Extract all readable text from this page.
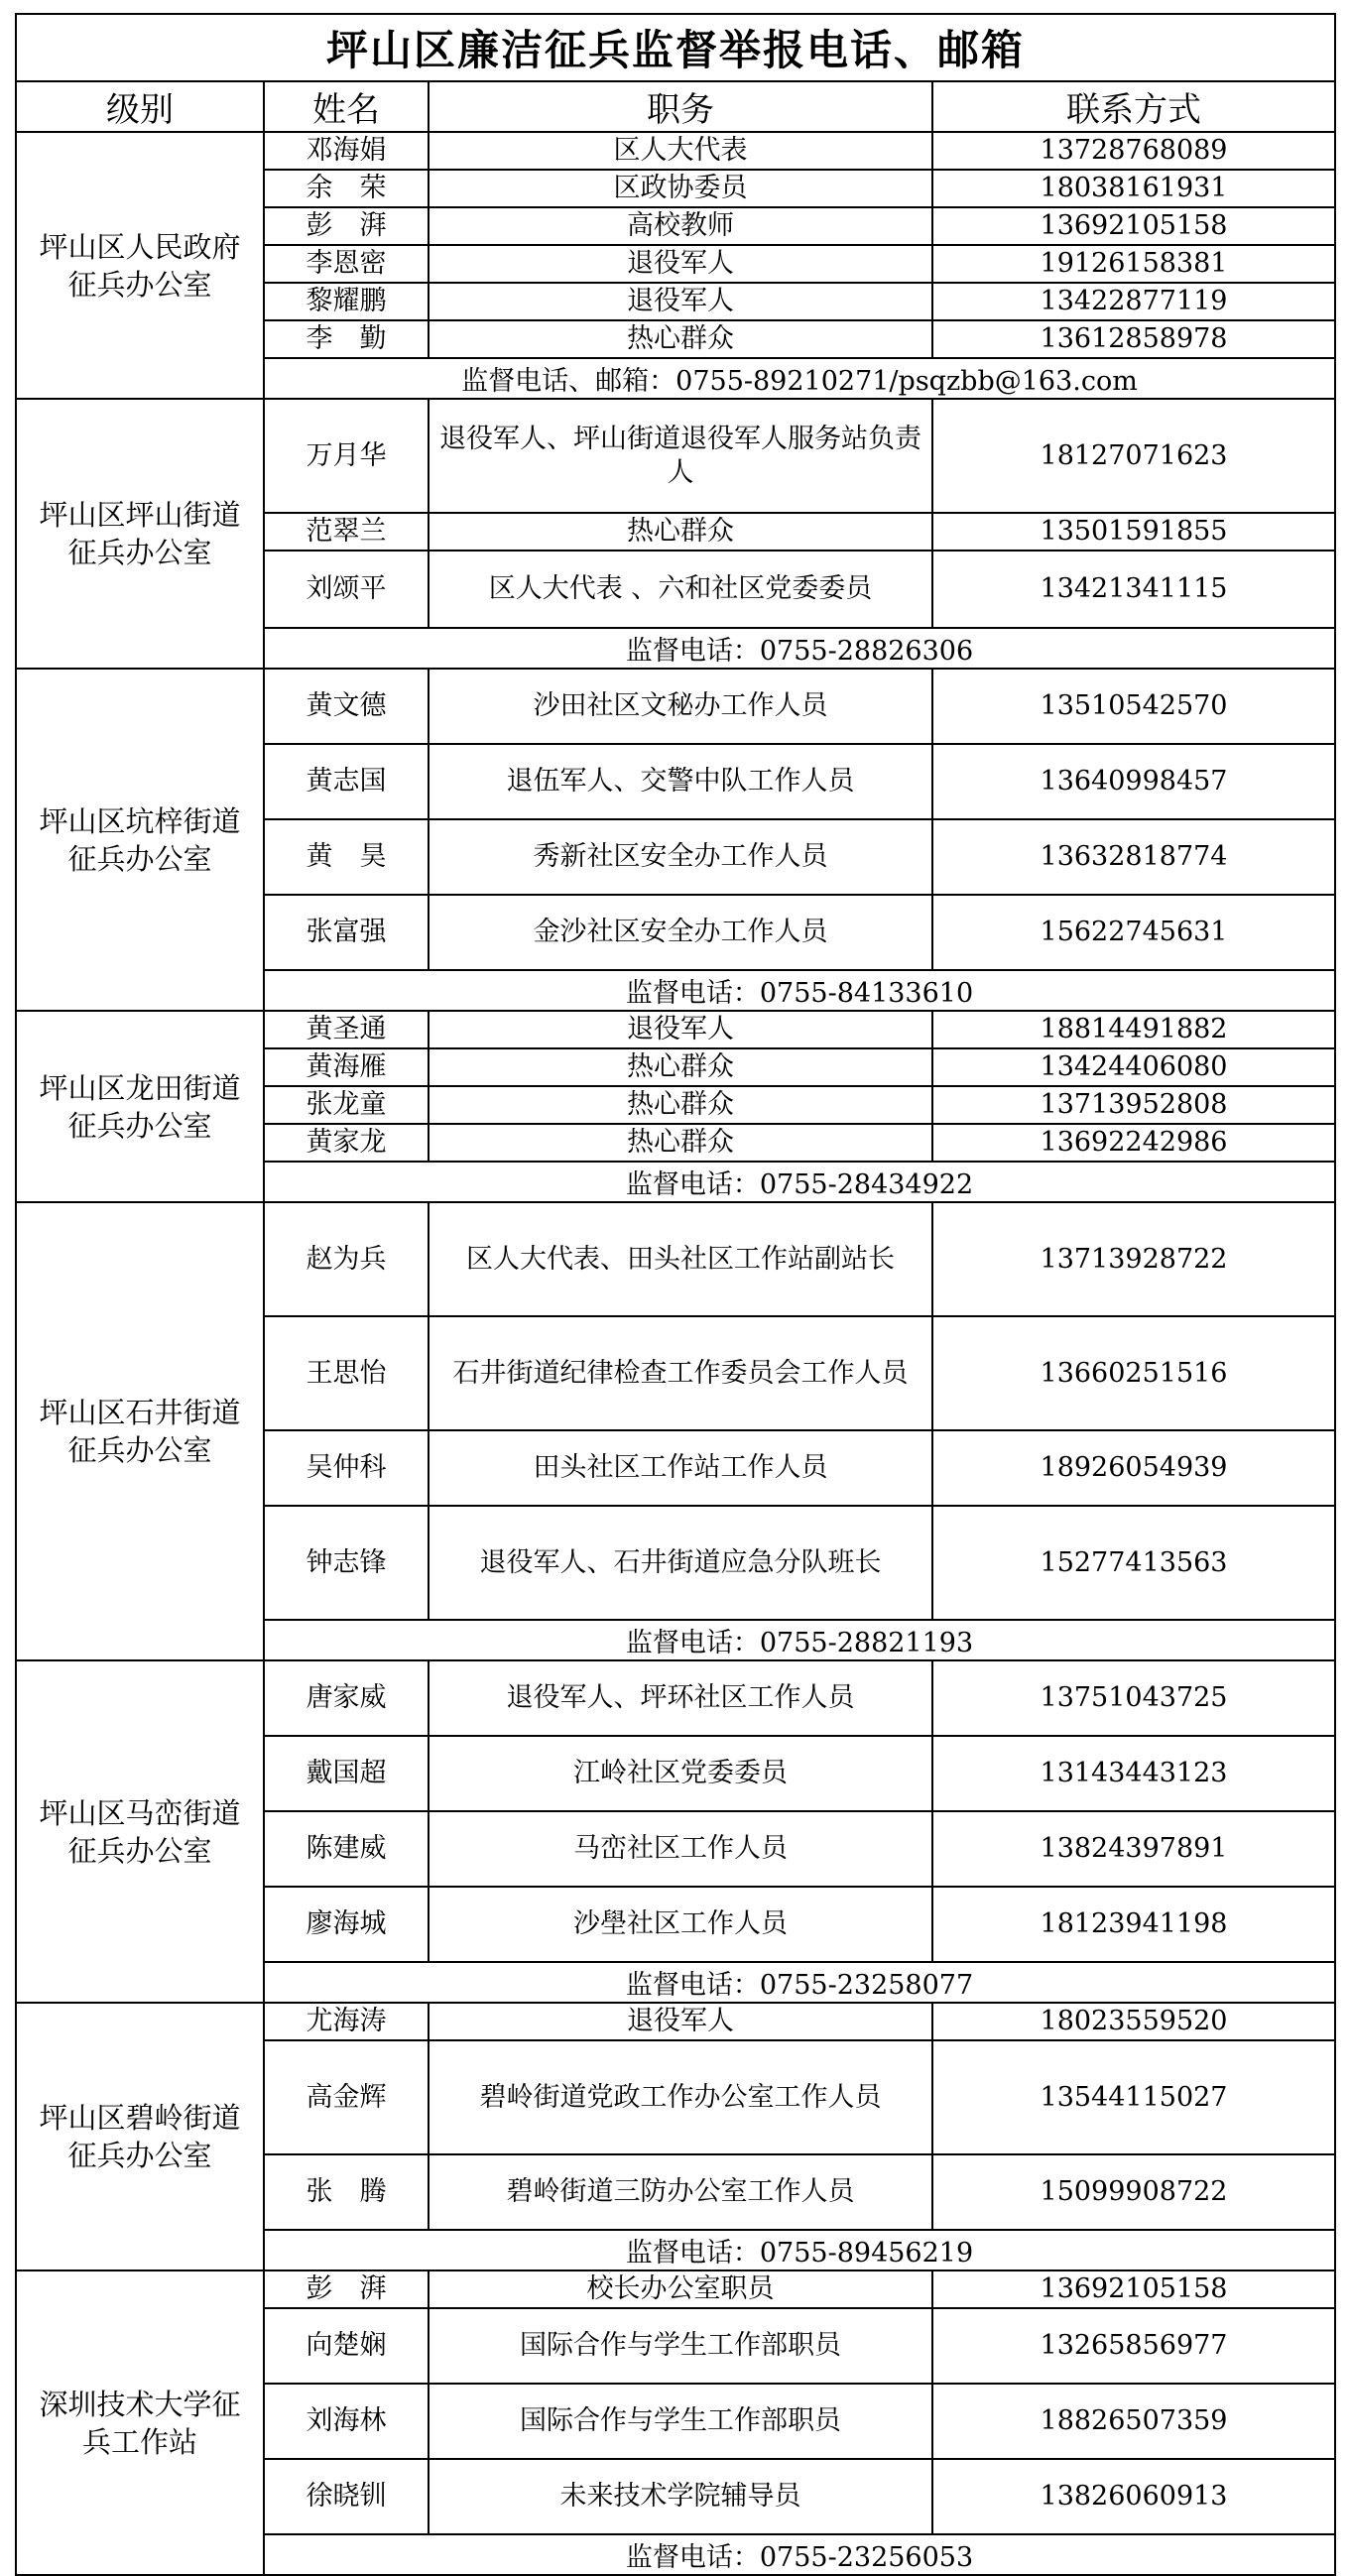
坪山区廉洁征兵监督举报电话、邮箱			
级别	姓名	职务	联系方式
坪山区人民政府
征兵办公室	邓海娟	区人大代表	13728768089
	余　荣	区政协委员	18038161931
	彭　湃	高校教师	13692105158
	李恩密	退役军人	19126158381
	黎耀鹏	退役军人	13422877119
	李　勤	热心群众	13612858978
	监督电话、邮箱：0755-89210271/psqzbb@163.com		
坪山区坪山街道
征兵办公室	万月华	退役军人、坪山街道退役军人服务站负责人	18127071623
	范翠兰	热心群众	13501591855
	刘颂平	区人大代表 、六和社区党委委员	13421341115
	监督电话：0755-28826306		
坪山区坑梓街道
征兵办公室	黄文德	沙田社区文秘办工作人员	13510542570
	黄志国	退伍军人、交警中队工作人员	13640998457
	黄　昊	秀新社区安全办工作人员	13632818774
	张富强	金沙社区安全办工作人员	15622745631
	监督电话：0755-84133610		
坪山区龙田街道
征兵办公室	黄圣通	退役军人	18814491882
	黄海雁	热心群众	13424406080
	张龙童	热心群众	13713952808
	黄家龙	热心群众	13692242986
	监督电话：0755-28434922		
坪山区石井街道
征兵办公室	赵为兵	区人大代表、田头社区工作站副站长	13713928722
	王思怡	石井街道纪律检查工作委员会工作人员	13660251516
	吴仲科	田头社区工作站工作人员	18926054939
	钟志锋	退役军人、石井街道应急分队班长	15277413563
	监督电话：0755-28821193		
坪山区马峦街道
征兵办公室	唐家威	退役军人、坪环社区工作人员	13751043725
	戴国超	江岭社区党委委员	13143443123
	陈建威	马峦社区工作人员	13824397891
	廖海城	沙壆社区工作人员	18123941198
	监督电话：0755-23258077		
坪山区碧岭街道
征兵办公室	尤海涛	退役军人	18023559520
	高金辉	碧岭街道党政工作办公室工作人员	13544115027
	张　腾	碧岭街道三防办公室工作人员	15099908722
	监督电话：0755-89456219		
深圳技术大学征
兵工作站	彭　湃	校长办公室职员	13692105158
	向楚娴	国际合作与学生工作部职员	13265856977
	刘海林	国际合作与学生工作部职员	18826507359
	徐晓钏	未来技术学院辅导员	13826060913
	监督电话：0755-23256053		
